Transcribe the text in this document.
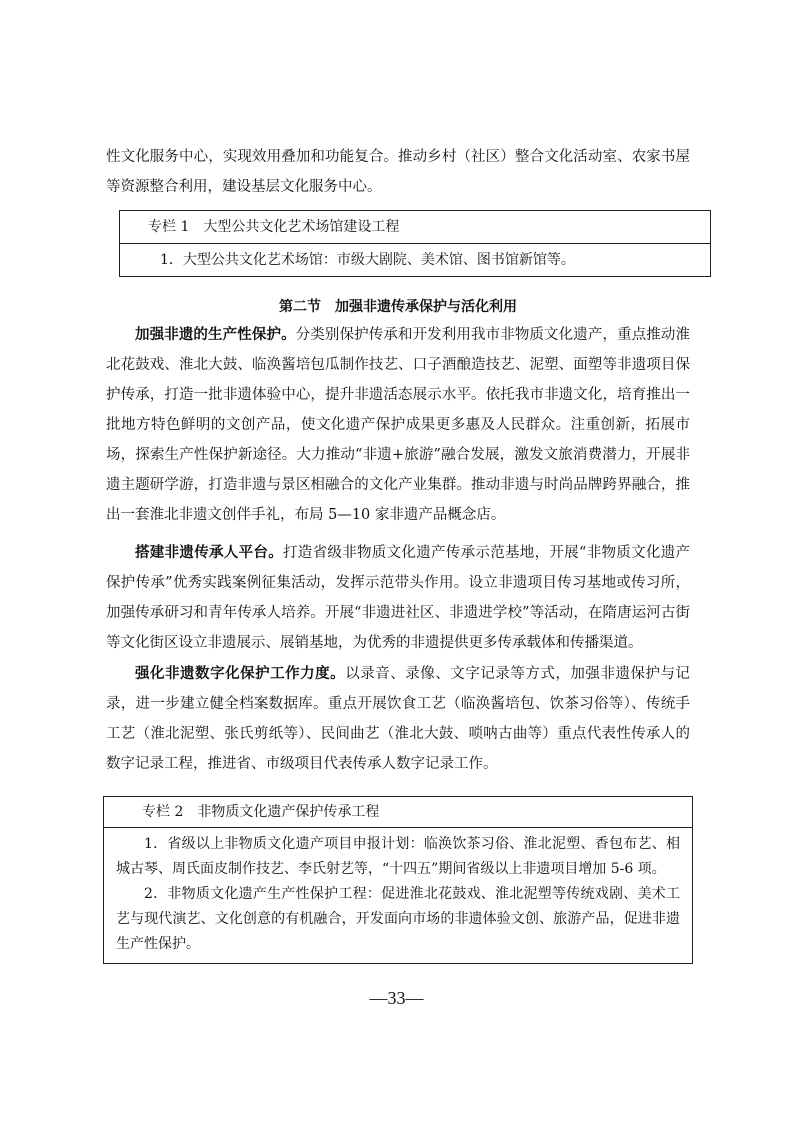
性文化服务中心，实现效用叠加和功能复合。推动乡村（社区）整合文化活动室、农家书屋等资源整合利用，建设基层文化服务中心。

专栏 1　大型公共文化艺术场馆建设工程
1．大型公共文化艺术场馆：市级大剧院、美术馆、图书馆新馆等。
第二节　加强非遗传承保护与活化利用

加强非遗的生产性保护。分类别保护传承和开发利用我市非物质文化遗产，重点推动淮北花鼓戏、淮北大鼓、临涣酱培包瓜制作技艺、口子酒酿造技艺、泥塑、面塑等非遗项目保护传承，打造一批非遗体验中心，提升非遗活态展示水平。依托我市非遗文化，培育推出一批地方特色鲜明的文创产品，使文化遗产保护成果更多惠及人民群众。注重创新，拓展市场，探索生产性保护新途径。大力推动“非遗+旅游”融合发展，激发文旅消费潜力，开展非遗主题研学游，打造非遗与景区相融合的文化产业集群。推动非遗与时尚品牌跨界融合，推出一套淮北非遗文创伴手礼，布局 5—10 家非遗产品概念店。

搭建非遗传承人平台。打造省级非物质文化遗产传承示范基地，开展“非物质文化遗产保护传承”优秀实践案例征集活动，发挥示范带头作用。设立非遗项目传习基地或传习所，加强传承研习和青年传承人培养。开展“非遗进社区、非遗进学校”等活动，在隋唐运河古街等文化街区设立非遗展示、展销基地，为优秀的非遗提供更多传承载体和传播渠道。

强化非遗数字化保护工作力度。以录音、录像、文字记录等方式，加强非遗保护与记录，进一步建立健全档案数据库。重点开展饮食工艺（临涣酱培包、饮茶习俗等）、传统手工艺（淮北泥塑、张氏剪纸等）、民间曲艺（淮北大鼓、唢呐古曲等）重点代表性传承人的数字记录工程，推进省、市级项目代表传承人数字记录工作。

专栏 2　非物质文化遗产保护传承工程

1．省级以上非物质文化遗产项目申报计划：临涣饮茶习俗、淮北泥塑、香包布艺、相城古琴、周氏面皮制作技艺、李氏射艺等，“十四五”期间省级以上非遗项目增加 5-6 项。

2．非物质文化遗产生产性保护工程：促进淮北花鼓戏、淮北泥塑等传统戏剧、美术工艺与现代演艺、文化创意的有机融合，开发面向市场的非遗体验文创、旅游产品，促进非遗生产性保护。

—33—
